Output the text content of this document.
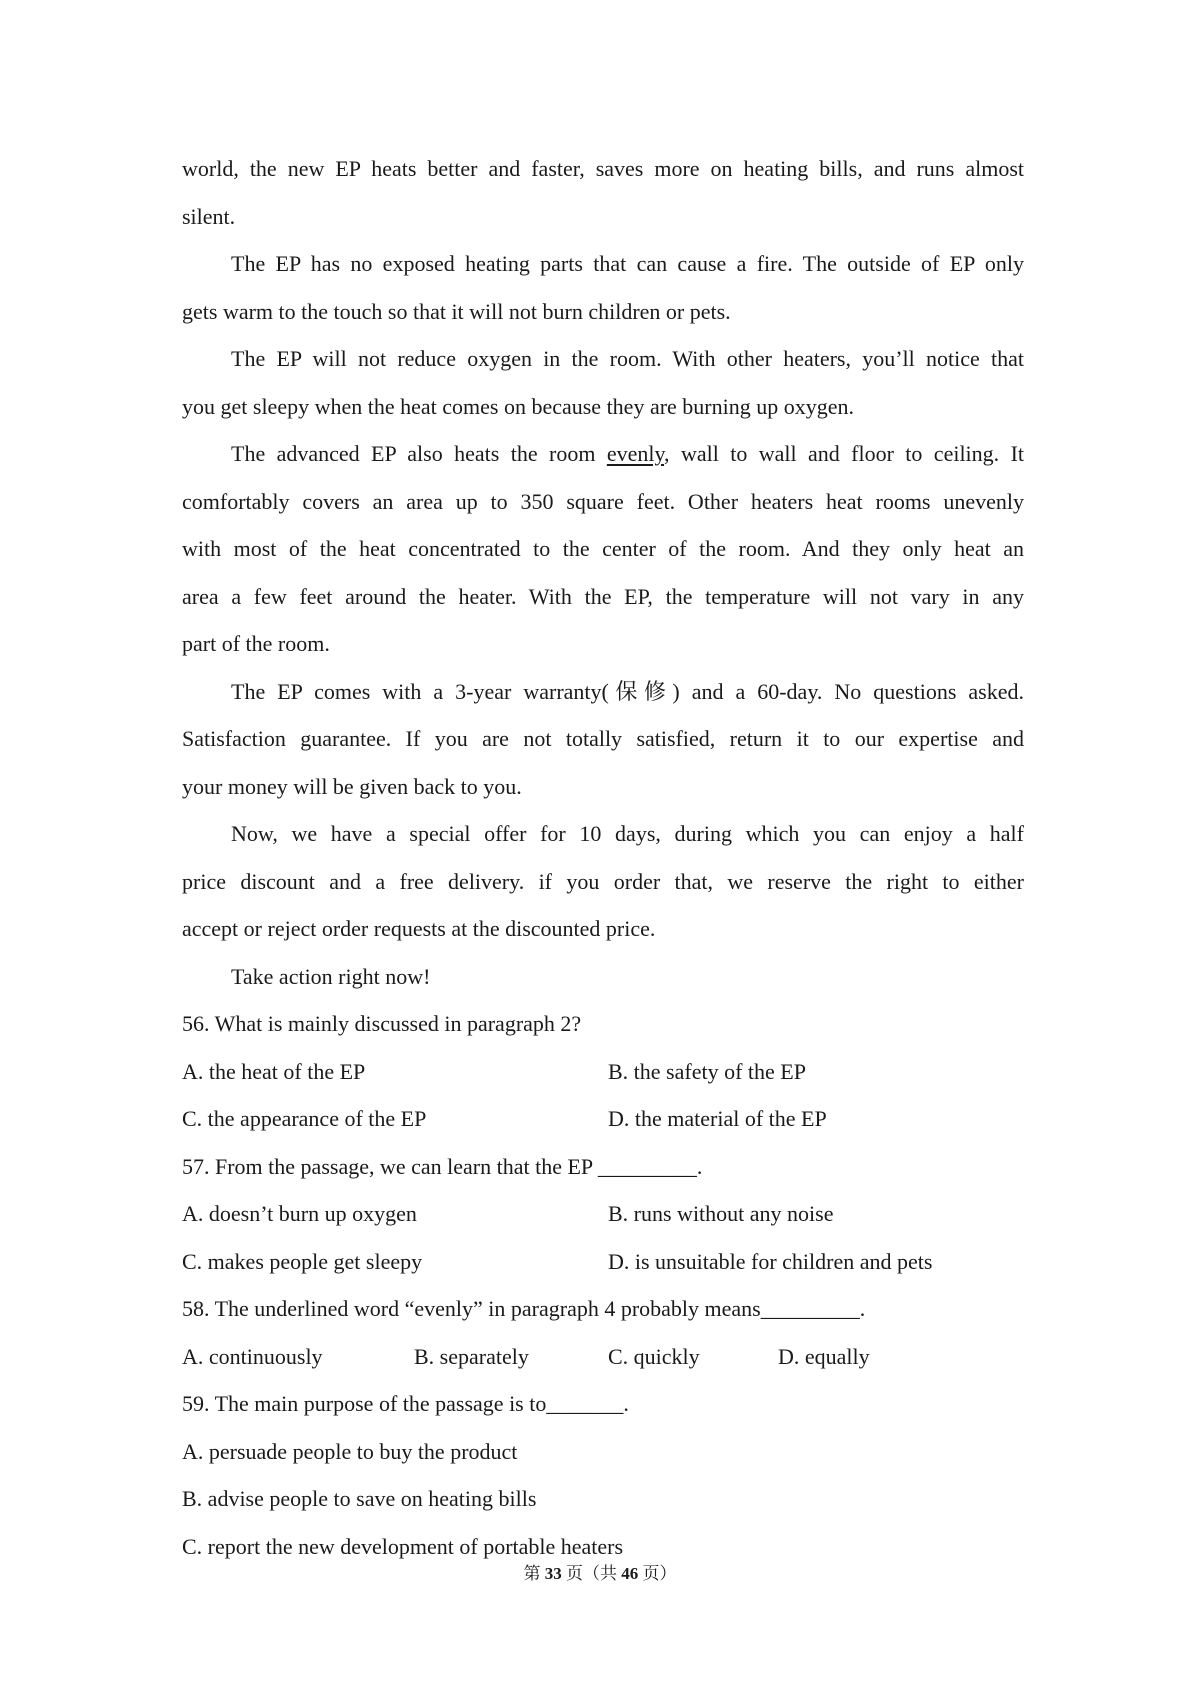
world, the new EP heats better and faster, saves more on heating bills, and runs almost
silent.
The EP has no exposed heating parts that can cause a fire. The outside of EP only
gets warm to the touch so that it will not burn children or pets.
The EP will not reduce oxygen in the room. With other heaters, you’ll notice that
you get sleepy when the heat comes on because they are burning up oxygen.
The advanced EP also heats the room evenly, wall to wall and floor to ceiling. It
comfortably covers an area up to 350 square feet. Other heaters heat rooms unevenly
with most of the heat concentrated to the center of the room. And they only heat an
area a few feet around the heater. With the EP, the temperature will not vary in any
part of the room.
The EP comes with a 3-year warranty(保修) and a 60-day. No questions asked.
Satisfaction guarantee. If you are not totally satisfied, return it to our expertise and
your money will be given back to you.
Now, we have a special offer for 10 days, during which you can enjoy a half
price discount and a free delivery. if you order that, we reserve the right to either
accept or reject order requests at the discounted price.
Take action right now!
56. What is mainly discussed in paragraph 2?
A. the heat of the EP	B. the safety of the EP
C. the appearance of the EP	D. the material of the EP
57. From the passage, we can learn that the EP _________.
A. doesn’t burn up oxygen	B. runs without any noise
C. makes people get sleepy	D. is unsuitable for children and pets
58. The underlined word “evenly” in paragraph 4 probably means_________.
A. continuously	B. separately	C. quickly	D. equally
59. The main purpose of the passage is to_______.
A. persuade people to buy the product
B. advise people to save on heating bills
C. report the new development of portable heaters
第 33 页（共 46 页）
